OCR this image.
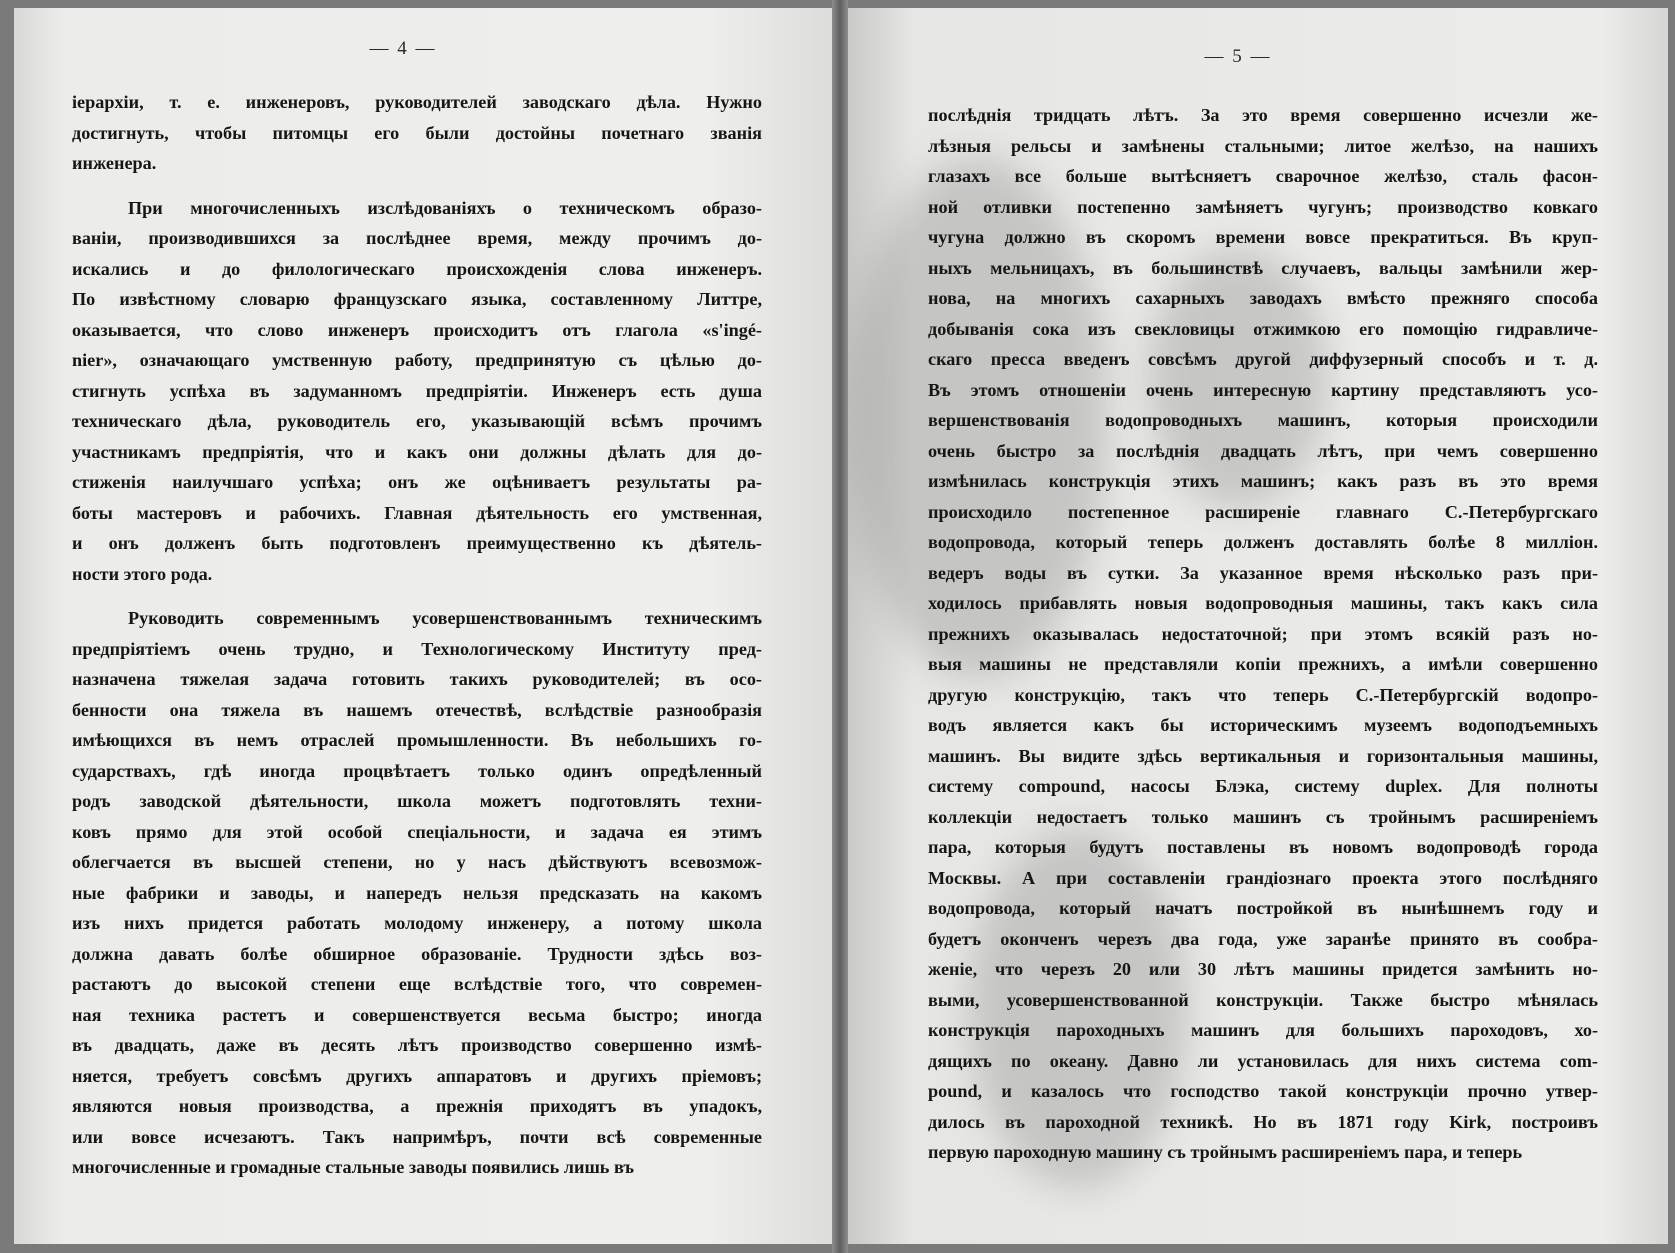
— 4 —
іерархіи, т. е. инженеровъ, руководителей заводскаго дѣла. Нужно
достигнуть, чтобы питомцы его были достойны почетнаго званія
инженера.
При многочисленныхъ изслѣдованіяхъ о техническомъ образо-
ваніи, производившихся за послѣднее время, между прочимъ до-
искались и до филологическаго происхожденія слова инженеръ.
По извѣстному словарю французскаго языка, составленному Литтре,
оказывается, что слово инженеръ происходитъ отъ глагола «s'ingé-
nier», означающаго умственную работу, предпринятую съ цѣлью до-
стигнуть успѣха въ задуманномъ предпріятіи. Инженеръ есть душа
техническаго дѣла, руководитель его, указывающій всѣмъ прочимъ
участникамъ предпріятія, что и какъ они должны дѣлать для до-
стиженія наилучшаго успѣха; онъ же оцѣниваетъ результаты ра-
боты мастеровъ и рабочихъ. Главная дѣятельность его умственная,
и онъ долженъ быть подготовленъ преимущественно къ дѣятель-
ности этого рода.
Руководить современнымъ усовершенствованнымъ техническимъ
предпріятіемъ очень трудно, и Технологическому Институту пред-
назначена тяжелая задача готовить такихъ руководителей; въ осо-
бенности она тяжела въ нашемъ отечествѣ, вслѣдствіе разнообразія
имѣющихся въ немъ отраслей промышленности. Въ небольшихъ го-
сударствахъ, гдѣ иногда процвѣтаетъ только одинъ опредѣленный
родъ заводской дѣятельности, школа можетъ подготовлять техни-
ковъ прямо для этой особой спеціальности, и задача ея этимъ
облегчается въ высшей степени, но у насъ дѣйствуютъ всевозмож-
ные фабрики и заводы, и напередъ нельзя предсказать на какомъ
изъ нихъ придется работать молодому инженеру, а потому школа
должна давать болѣе обширное образованіе. Трудности здѣсь воз-
растаютъ до высокой степени еще вслѣдствіе того, что современ-
ная техника растетъ и совершенствуется весьма быстро; иногда
въ двадцать, даже въ десять лѣтъ производство совершенно измѣ-
няется, требуетъ совсѣмъ другихъ аппаратовъ и другихъ пріемовъ;
являются новыя производства, а прежнія приходятъ въ упадокъ,
или вовсе исчезаютъ. Такъ напримѣръ, почти всѣ современные
многочисленные и громадные стальные заводы появились лишь въ
— 5 —
послѣднія тридцать лѣтъ. За это время совершенно исчезли же-
лѣзныя рельсы и замѣнены стальными; литое желѣзо, на нашихъ
глазахъ все больше вытѣсняетъ сварочное желѣзо, сталь фасон-
ной отливки постепенно замѣняетъ чугунъ; производство ковкаго
чугуна должно въ скоромъ времени вовсе прекратиться. Въ круп-
ныхъ мельницахъ, въ большинствѣ случаевъ, вальцы замѣнили жер-
нова, на многихъ сахарныхъ заводахъ вмѣсто прежняго способа
добыванія сока изъ свекловицы отжимкою его помощію гидравличе-
скаго пресса введенъ совсѣмъ другой диффузерный способъ и т. д.
Въ этомъ отношеніи очень интересную картину представляютъ усо-
вершенствованія водопроводныхъ машинъ, которыя происходили
очень быстро за послѣднія двадцать лѣтъ, при чемъ совершенно
измѣнилась конструкція этихъ машинъ; какъ разъ въ это время
происходило постепенное расширеніе главнаго С.-Петербургскаго
водопровода, который теперь долженъ доставлять болѣе 8 милліон.
ведеръ воды въ сутки. За указанное время нѣсколько разъ при-
ходилось прибавлять новыя водопроводныя машины, такъ какъ сила
прежнихъ оказывалась недостаточной; при этомъ всякій разъ но-
выя машины не представляли копіи прежнихъ, а имѣли совершенно
другую конструкцію, такъ что теперь С.-Петербургскій водопро-
водъ является какъ бы историческимъ музеемъ водоподъемныхъ
машинъ. Вы видите здѣсь вертикальныя и горизонтальныя машины,
систему compound, насосы Блэка, систему duplex. Для полноты
коллекціи недостаетъ только машинъ съ тройнымъ расширеніемъ
пара, которыя будутъ поставлены въ новомъ водопроводѣ города
Москвы. А при составленіи грандіознаго проекта этого послѣдняго
водопровода, который начатъ постройкой въ нынѣшнемъ году и
будетъ оконченъ черезъ два года, уже заранѣе принято въ сообра-
женіе, что черезъ 20 или 30 лѣтъ машины придется замѣнить но-
выми, усовершенствованной конструкціи. Также быстро мѣнялась
конструкція пароходныхъ машинъ для большихъ пароходовъ, хо-
дящихъ по океану. Давно ли установилась для нихъ система com-
pound, и казалось что господство такой конструкціи прочно утвер-
дилось въ пароходной техникѣ. Но въ 1871 году Kirk, построивъ
первую пароходную машину съ тройнымъ расширеніемъ пара, и теперь
